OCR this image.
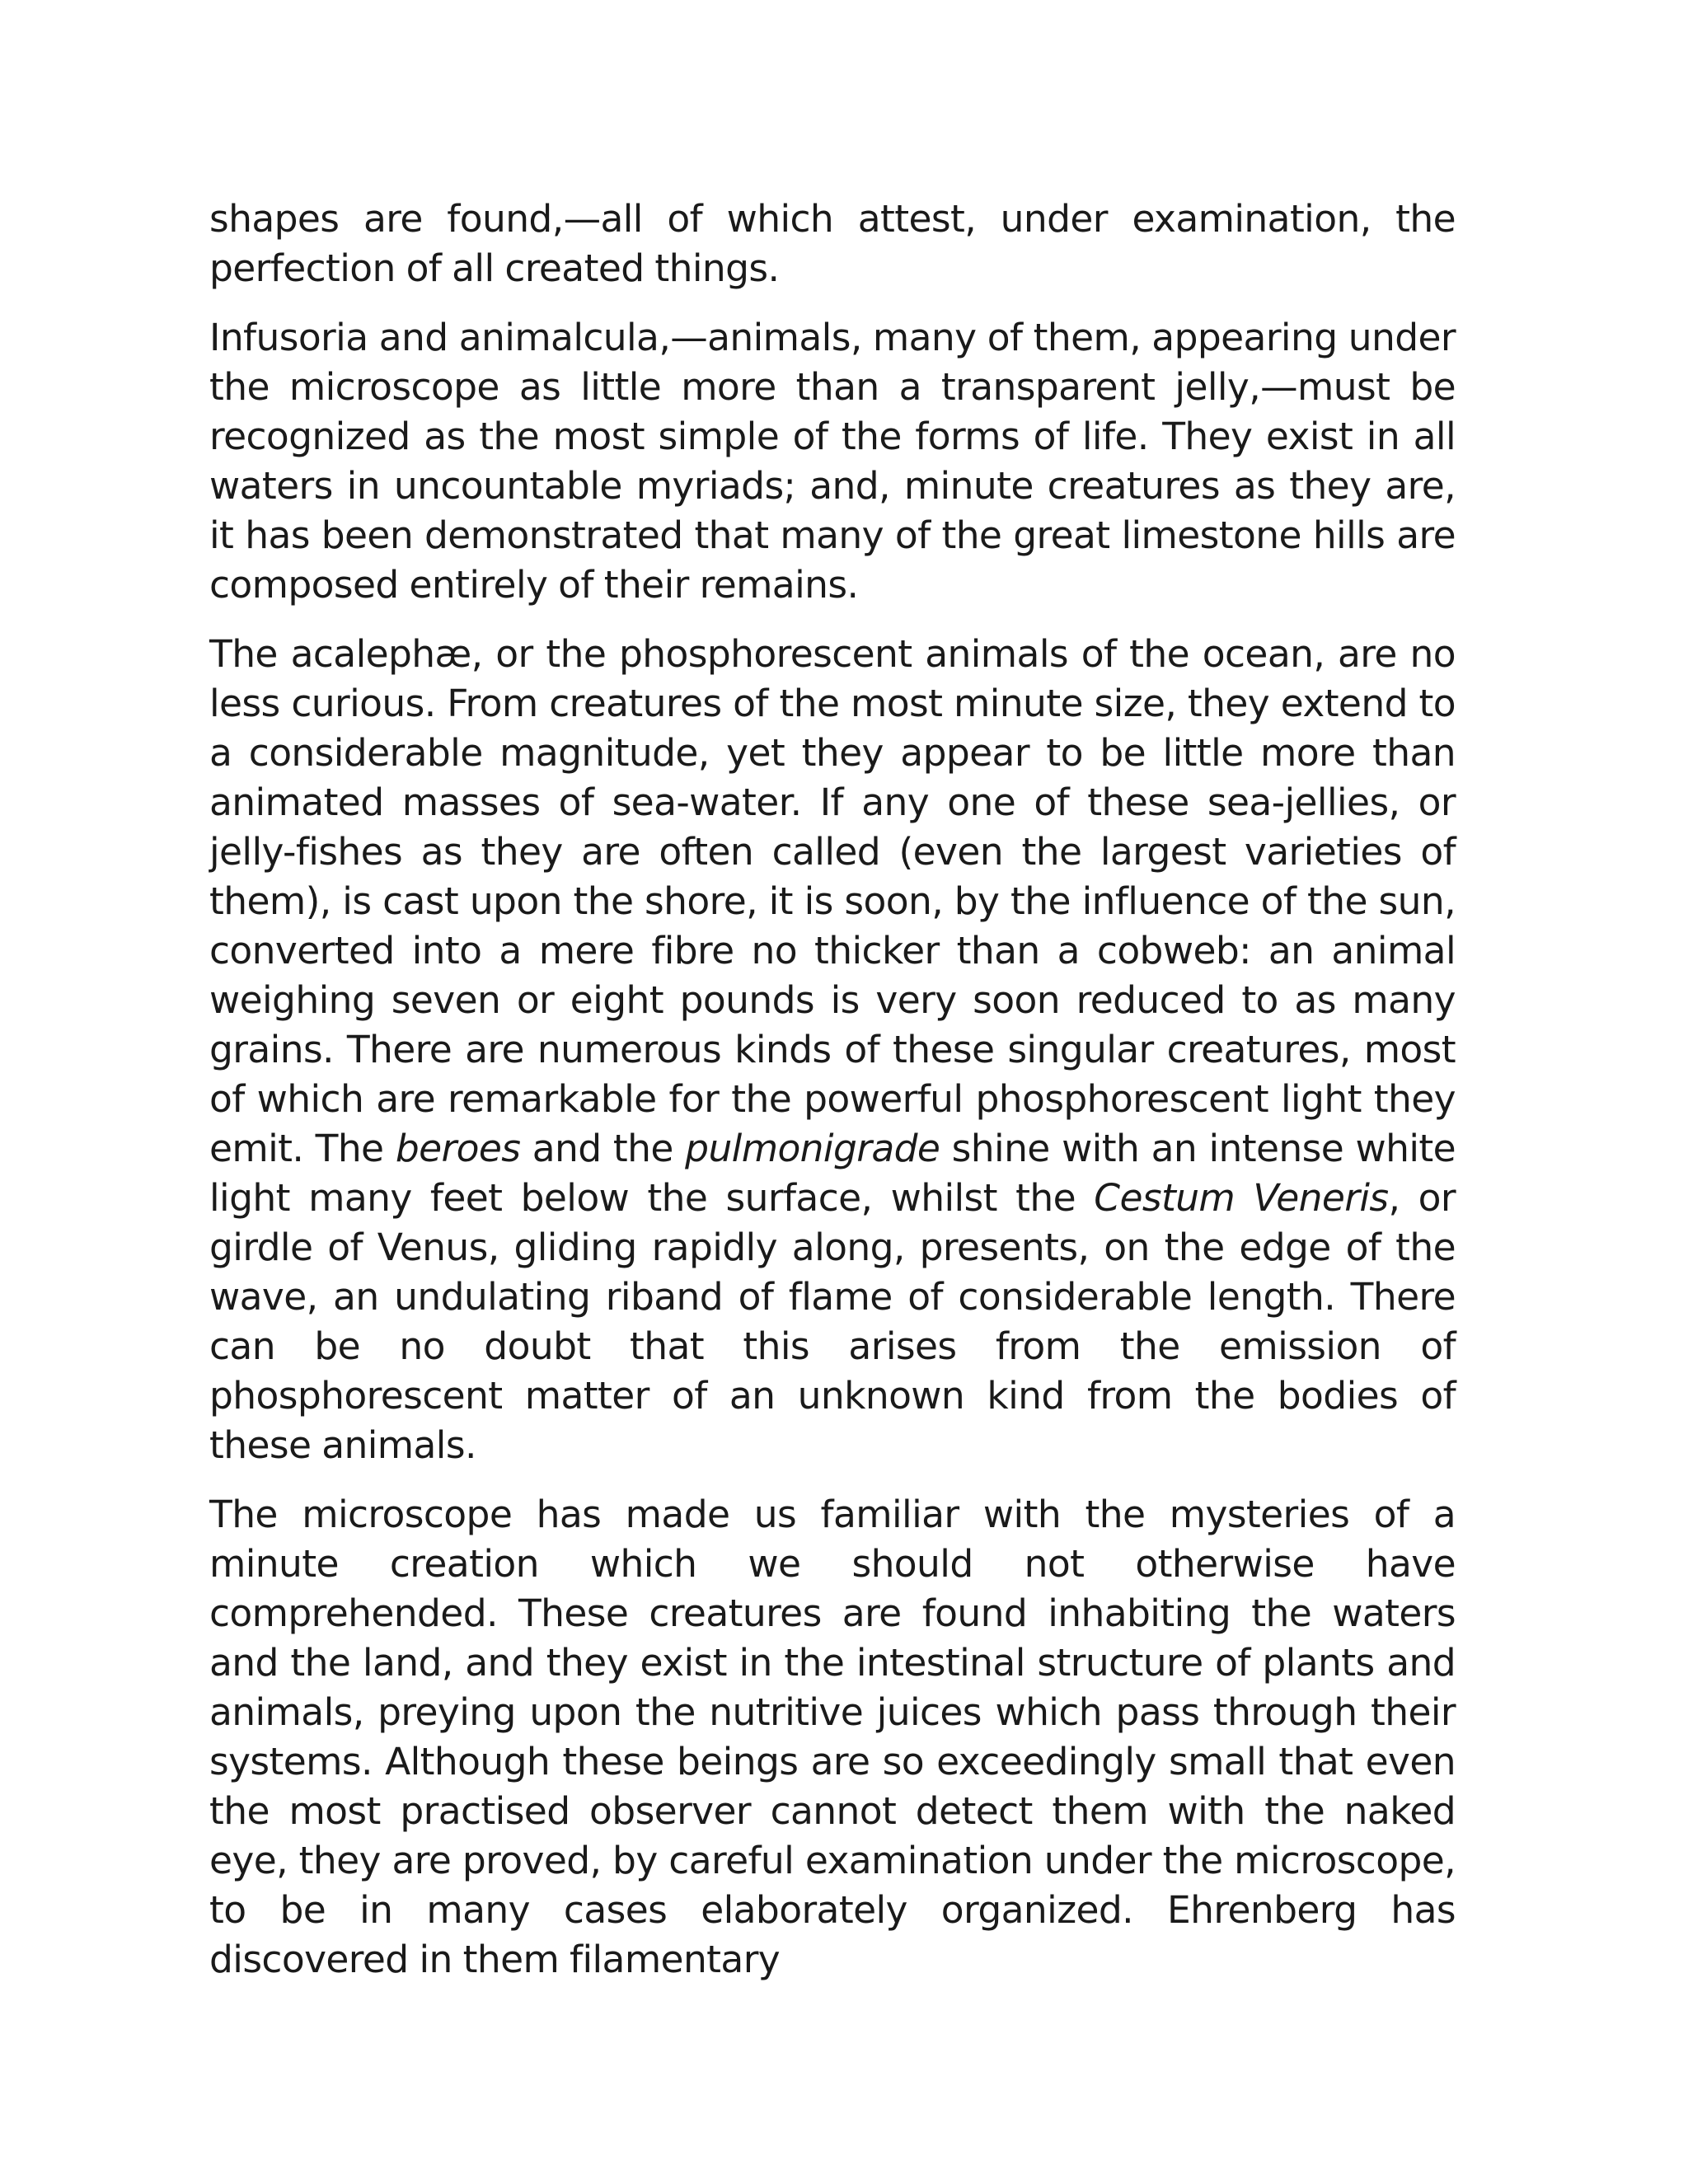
shapes are found,—all of which attest, under examination, the perfection of all created things.

Infusoria and animalcula,—animals, many of them, appearing under the microscope as little more than a transparent jelly,—must be recognized as the most simple of the forms of life. They exist in all waters in uncountable myriads; and, minute creatures as they are, it has been demonstrated that many of the great limestone hills are composed entirely of their remains.

The acalephæ, or the phosphorescent animals of the ocean, are no less curious. From creatures of the most minute size, they extend to a considerable magnitude, yet they appear to be little more than animated masses of sea-water. If any one of these sea-jellies, or jelly-fishes as they are often called (even the largest varieties of them), is cast upon the shore, it is soon, by the influence of the sun, converted into a mere fibre no thicker than a cobweb: an animal weighing seven or eight pounds is very soon reduced to as many grains. There are numerous kinds of these singular creatures, most of which are remarkable for the powerful phosphorescent light they emit. The beroes and the pulmonigrade shine with an intense white light many feet below the surface, whilst the Cestum Veneris, or girdle of Venus, gliding rapidly along, presents, on the edge of the wave, an undulating riband of flame of considerable length. There can be no doubt that this arises from the emission of phosphorescent matter of an unknown kind from the bodies of these animals.

The microscope has made us familiar with the mysteries of a minute creation which we should not otherwise have comprehended. These creatures are found inhabiting the waters and the land, and they exist in the intestinal structure of plants and animals, preying upon the nutritive juices which pass through their systems. Although these beings are so exceedingly small that even the most practised observer cannot detect them with the naked eye, they are proved, by careful examination under the microscope, to be in many cases elaborately organized. Ehrenberg has discovered in them filamentary
